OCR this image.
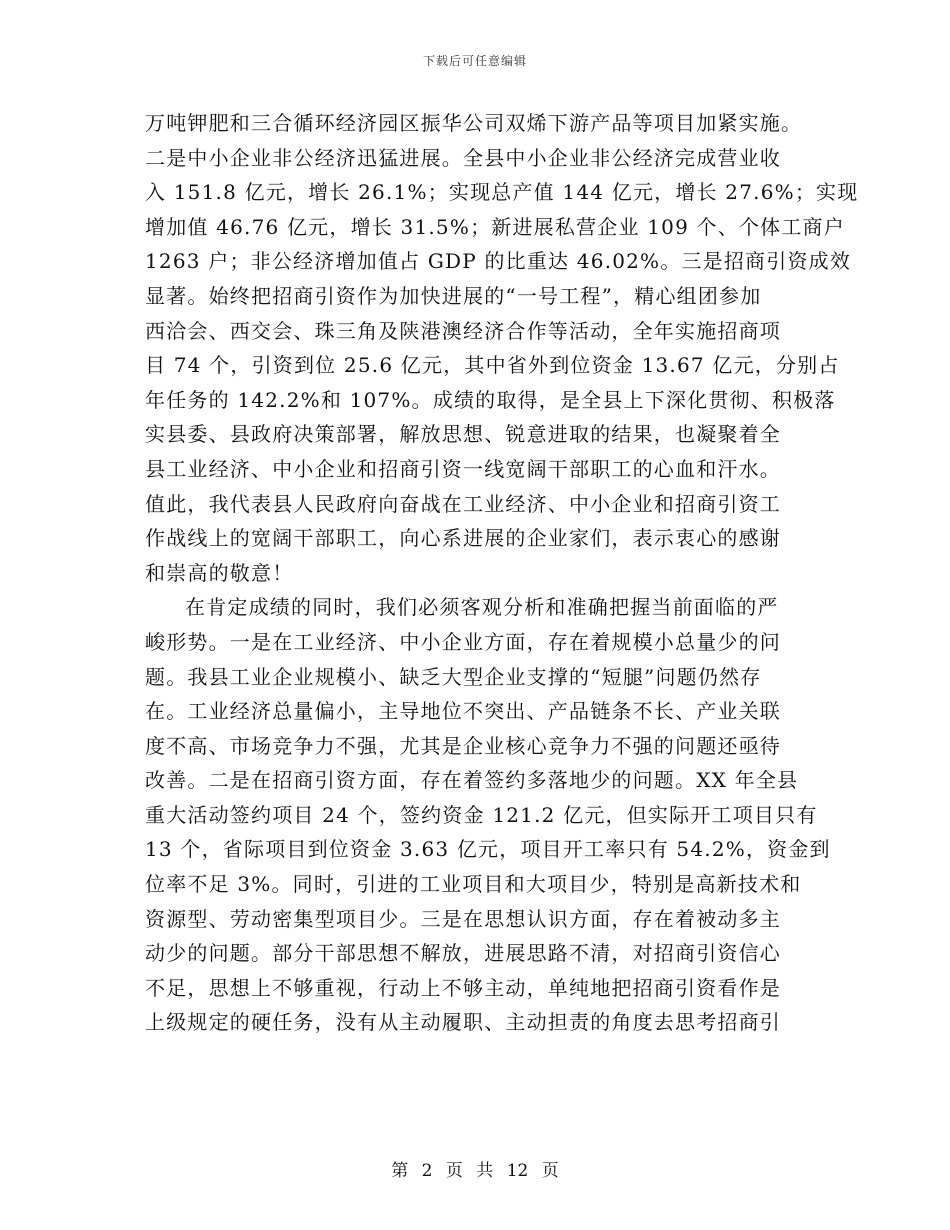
下载后可任意编辑
万吨钾肥和三合循环经济园区振华公司双烯下游产品等项目加紧实施。
二是中小企业非公经济迅猛进展。全县中小企业非公经济完成营业收
入 151.8 亿元，增长 26.1%；实现总产值 144 亿元，增长 27.6%；实现
增加值 46.76 亿元，增长 31.5%；新进展私营企业 109 个、个体工商户
1263 户；非公经济增加值占 GDP 的比重达 46.02%。三是招商引资成效
显著。始终把招商引资作为加快进展的“一号工程”，精心组团参加
西洽会、西交会、珠三角及陕港澳经济合作等活动，全年实施招商项
目 74 个，引资到位 25.6 亿元，其中省外到位资金 13.67 亿元，分别占
年任务的 142.2%和 107%。成绩的取得，是全县上下深化贯彻、积极落
实县委、县政府决策部署，解放思想、锐意进取的结果，也凝聚着全
县工业经济、中小企业和招商引资一线宽阔干部职工的心血和汗水。
值此，我代表县人民政府向奋战在工业经济、中小企业和招商引资工
作战线上的宽阔干部职工，向心系进展的企业家们，表示衷心的感谢
和崇高的敬意！
在肯定成绩的同时，我们必须客观分析和准确把握当前面临的严
峻形势。一是在工业经济、中小企业方面，存在着规模小总量少的问
题。我县工业企业规模小、缺乏大型企业支撑的“短腿”问题仍然存
在。工业经济总量偏小，主导地位不突出、产品链条不长、产业关联
度不高、市场竞争力不强，尤其是企业核心竞争力不强的问题还亟待
改善。二是在招商引资方面，存在着签约多落地少的问题。XX 年全县
重大活动签约项目 24 个，签约资金 121.2 亿元，但实际开工项目只有
13 个，省际项目到位资金 3.63 亿元，项目开工率只有 54.2%，资金到
位率不足 3%。同时，引进的工业项目和大项目少，特别是高新技术和
资源型、劳动密集型项目少。三是在思想认识方面，存在着被动多主
动少的问题。部分干部思想不解放，进展思路不清，对招商引资信心
不足，思想上不够重视，行动上不够主动，单纯地把招商引资看作是
上级规定的硬任务，没有从主动履职、主动担责的角度去思考招商引
第 2 页 共 12 页
